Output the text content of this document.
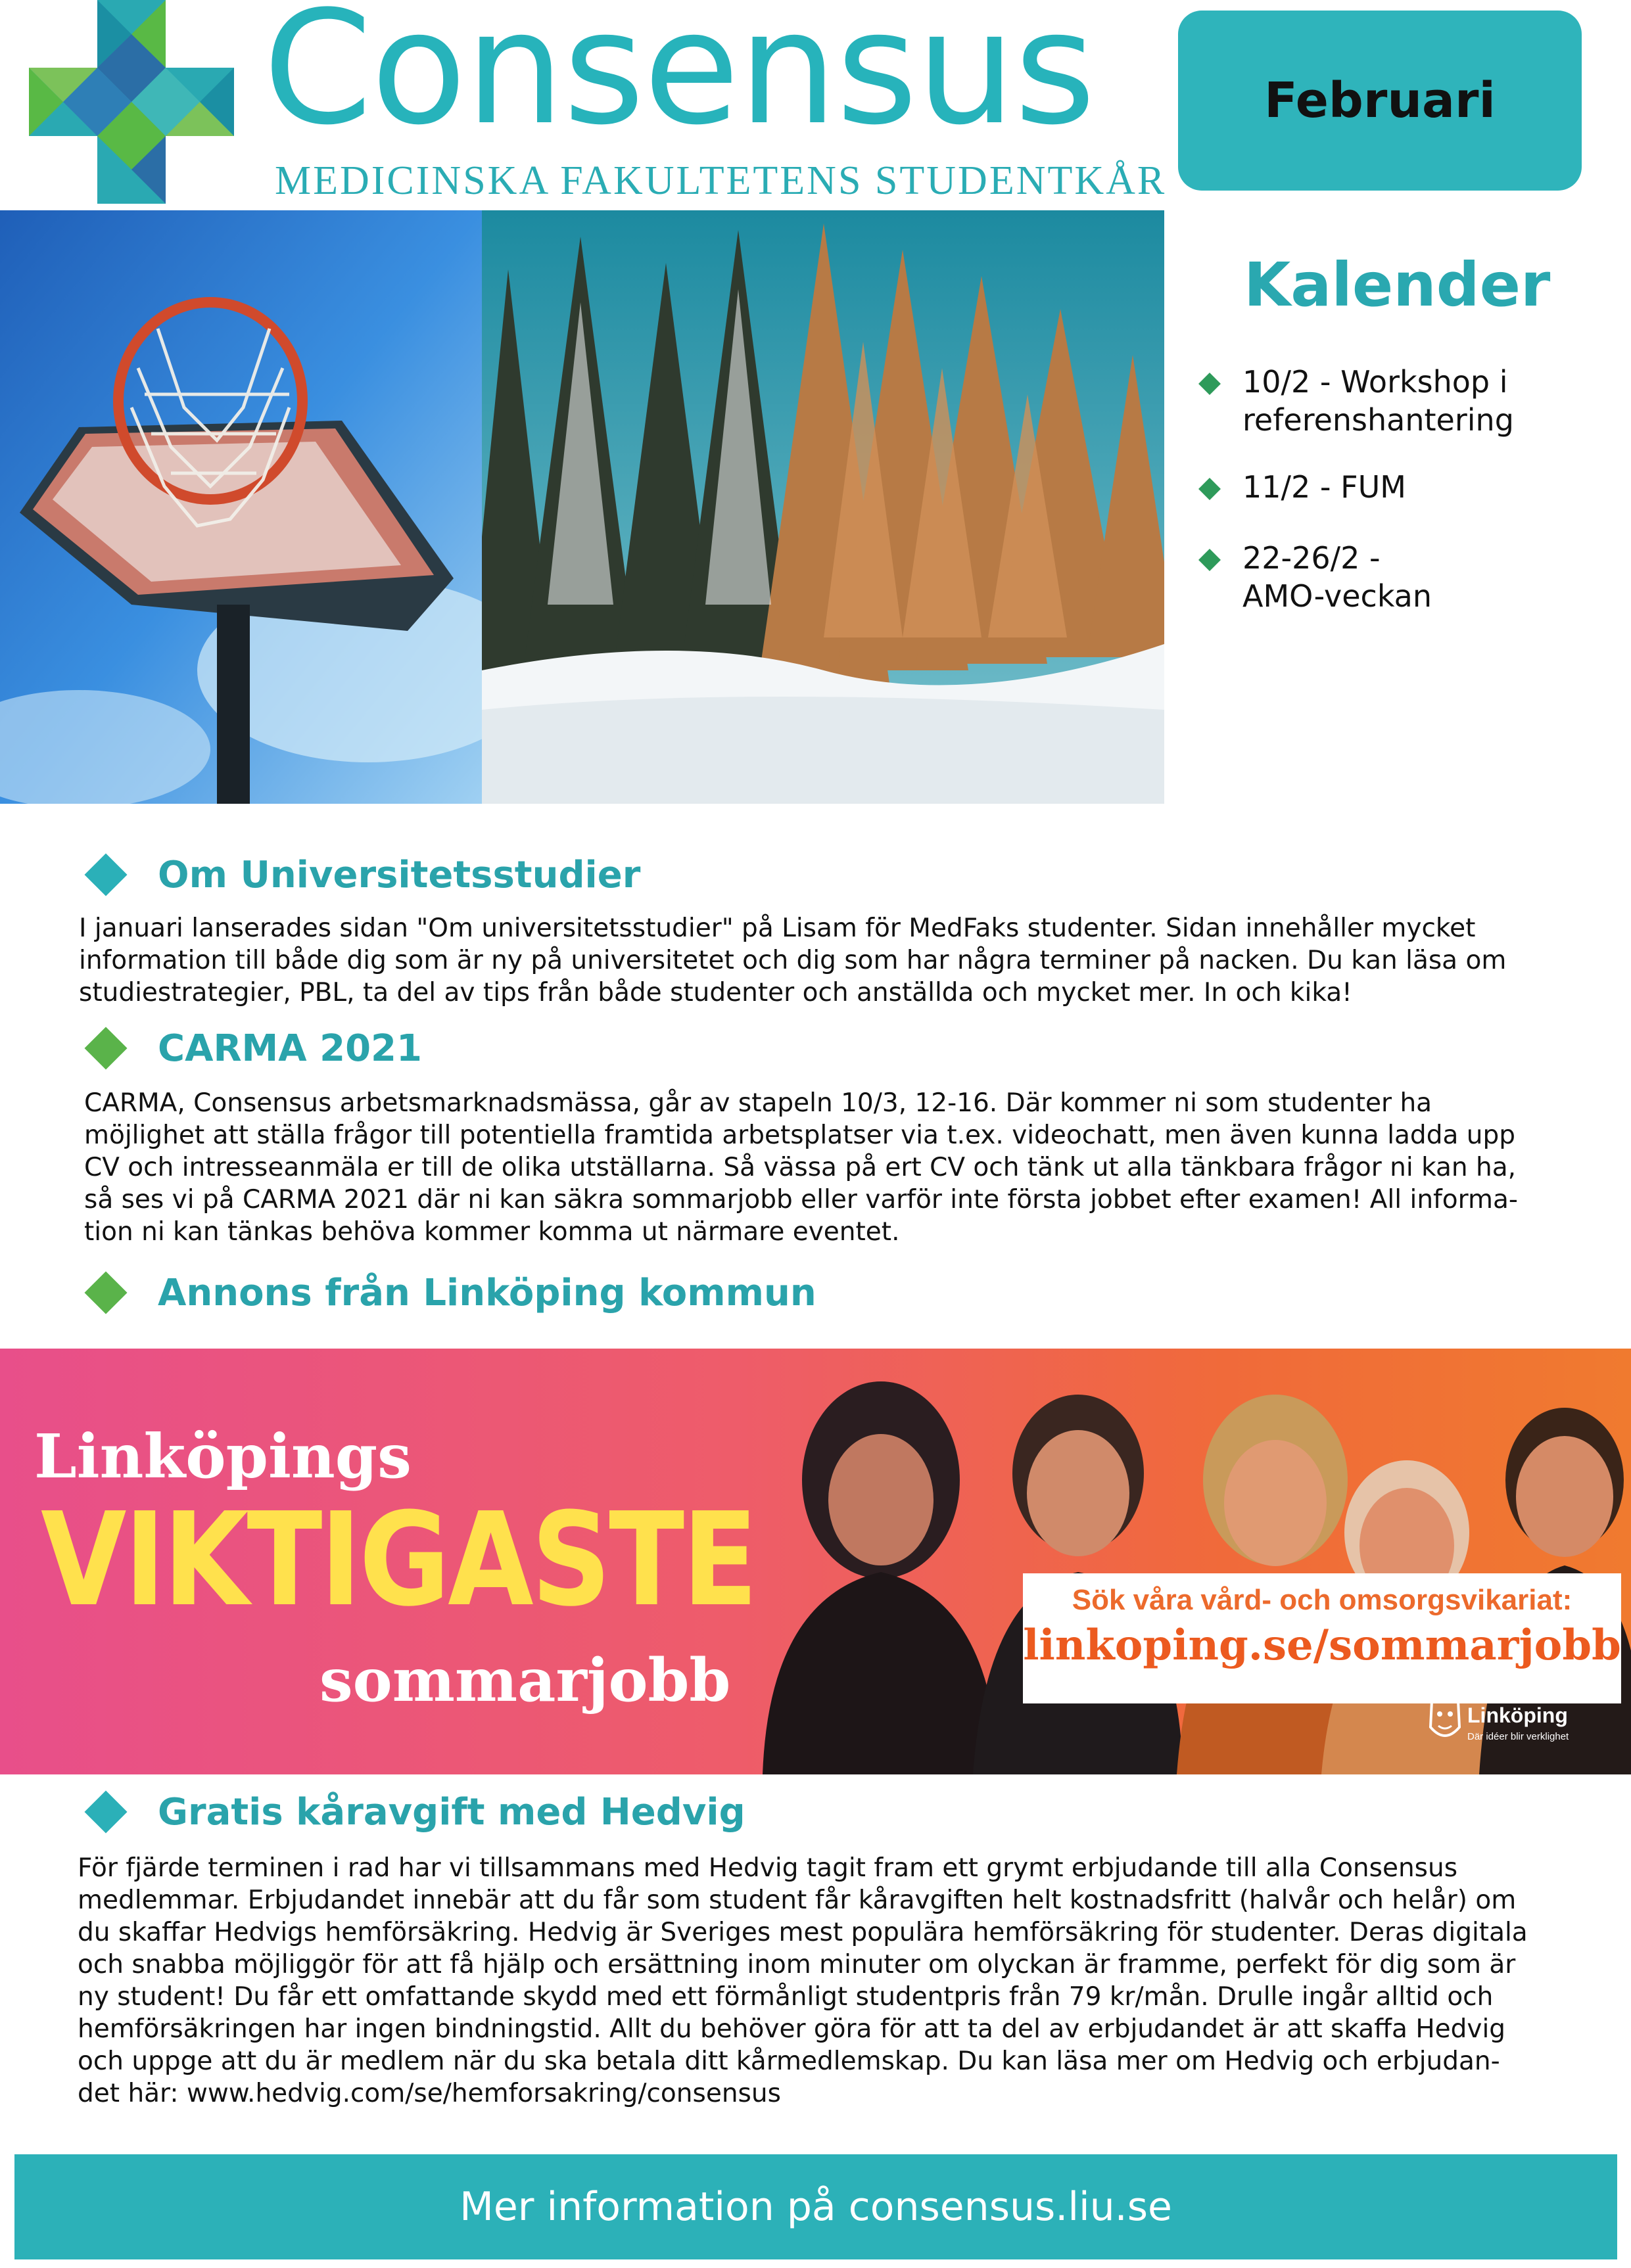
Consensus
MEDICINSKA FAKULTETENS STUDENTKÅR
Februari
Kalender
10/2 - Workshop i
referenshantering
11/2 - FUM
22-26/2 -
AMO-veckan
Om Universitetsstudier
I januari lanserades sidan "Om universitetsstudier" på Lisam för MedFaks studenter. Sidan innehåller mycket
information till både dig som är ny på universitetet och dig som har några terminer på nacken. Du kan läsa om
studiestrategier, PBL, ta del av tips från både studenter och anställda och mycket mer. In och kika!
CARMA 2021
CARMA, Consensus arbetsmarknadsmässa, går av stapeln 10/3, 12-16. Där kommer ni som studenter ha
möjlighet att ställa frågor till potentiella framtida arbetsplatser via t.ex. videochatt, men även kunna ladda upp
CV och intresseanmäla er till de olika utställarna. Så vässa på ert CV och tänk ut alla tänkbara frågor ni kan ha,
så ses vi på CARMA 2021 där ni kan säkra sommarjobb eller varför inte första jobbet efter examen! All informa-
tion ni kan tänkas behöva kommer komma ut närmare eventet.
Annons från Linköping kommun
Linköpings
VIKTIGASTE
sommarjobb
Sök våra vård- och omsorgsvikariat:
linkoping.se/sommarjobb
Linköping
Där idéer blir verklighet
Gratis kåravgift med Hedvig
För fjärde terminen i rad har vi tillsammans med Hedvig tagit fram ett grymt erbjudande till alla Consensus
medlemmar. Erbjudandet innebär att du får som student får kåravgiften helt kostnadsfritt (halvår och helår) om
du skaffar Hedvigs hemförsäkring. Hedvig är Sveriges mest populära hemförsäkring för studenter. Deras digitala
och snabba möjliggör för att få hjälp och ersättning inom minuter om olyckan är framme, perfekt för dig som är
ny student! Du får ett omfattande skydd med ett förmånligt studentpris från 79 kr/mån. Drulle ingår alltid och
hemförsäkringen har ingen bindningstid. Allt du behöver göra för att ta del av erbjudandet är att skaffa Hedvig
och uppge att du är medlem när du ska betala ditt kårmedlemskap. Du kan läsa mer om Hedvig och erbjudan-
det här: www.hedvig.com/se/hemforsakring/consensus
Mer information på consensus.liu.se
